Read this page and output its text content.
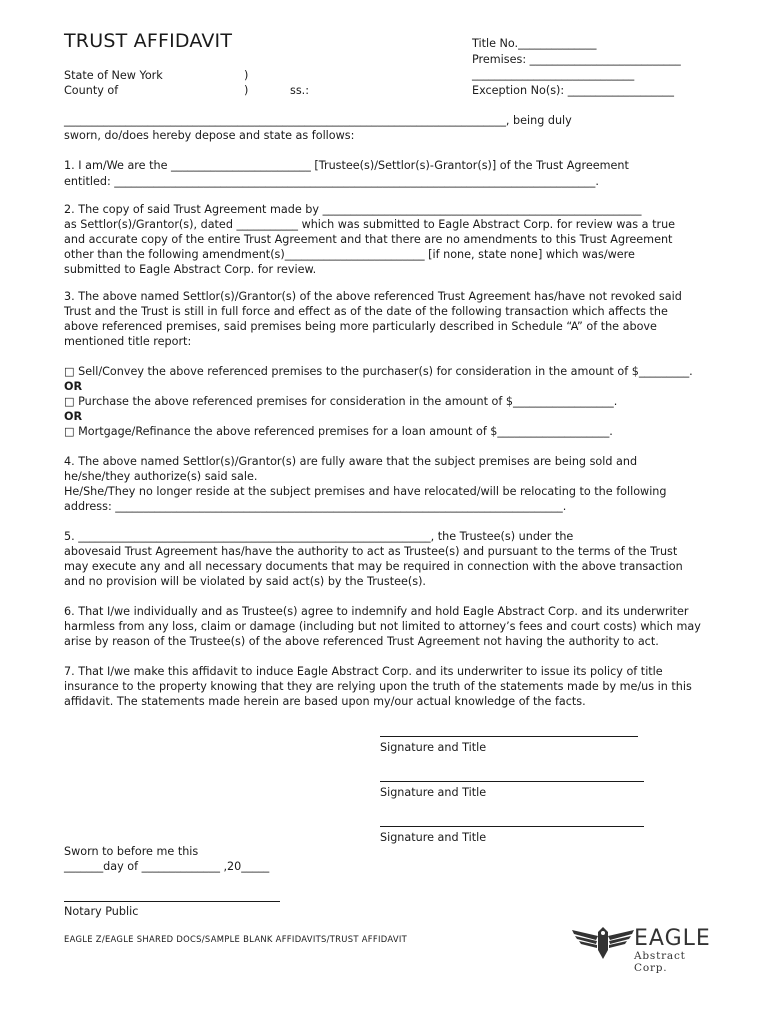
TRUST AFFIDAVIT
State of New York
County of
)
)	ss.:
Title No.______________
Premises: ___________________________
_____________________________
Exception No(s): ___________________
_______________________________________________________________________________, being duly
sworn, do/does hereby depose and state as follows:
1. I am/We are the _________________________ [Trustee(s)/Settlor(s)-Grantor(s)] of the Trust Agreement
entitled: ______________________________________________________________________________________.
2. The copy of said Trust Agreement made by _________________________________________________________
as Settlor(s)/Grantor(s), dated ___________ which was submitted to Eagle Abstract Corp. for review was a true
and accurate copy of the entire Trust Agreement and that there are no amendments to this Trust Agreement
other than the following amendment(s)_________________________ [if none, state none] which was/were
submitted to Eagle Abstract Corp. for review.
3. The above named Settlor(s)/Grantor(s) of the above referenced Trust Agreement has/have not revoked said
Trust and the Trust is still in full force and effect as of the date of the following transaction which affects the
above referenced premises, said premises being more particularly described in Schedule “A” of the above
mentioned title report:
□ Sell/Convey the above referenced premises to the purchaser(s) for consideration in the amount of $_________.
OR
□ Purchase the above referenced premises for consideration in the amount of $__________________.
OR
□ Mortgage/Refinance the above referenced premises for a loan amount of $____________________.
4. The above named Settlor(s)/Grantor(s) are fully aware that the subject premises are being sold and
he/she/they authorize(s) said sale.
He/She/They no longer reside at the subject premises and have relocated/will be relocating to the following
address: ________________________________________________________________________________.
5. _______________________________________________________________, the Trustee(s) under the
abovesaid Trust Agreement has/have the authority to act as Trustee(s) and pursuant to the terms of the Trust
may execute any and all necessary documents that may be required in connection with the above transaction
and no provision will be violated by said act(s) by the Trustee(s).
6. That I/we individually and as Trustee(s) agree to indemnify and hold Eagle Abstract Corp. and its underwriter
harmless from any loss, claim or damage (including but not limited to attorney’s fees and court costs) which may
arise by reason of the Trustee(s) of the above referenced Trust Agreement not having the authority to act.
7. That I/we make this affidavit to induce Eagle Abstract Corp. and its underwriter to issue its policy of title
insurance to the property knowing that they are relying upon the truth of the statements made by me/us in this
affidavit. The statements made herein are based upon my/our actual knowledge of the facts.
Signature and Title
Signature and Title
Signature and Title
Sworn to before me this
_______day of ______________ ,20_____
Notary Public
EAGLE Z/EAGLE SHARED DOCS/SAMPLE BLANK AFFIDAVITS/TRUST AFFIDAVIT	EAGLE
Abstract Corp.
